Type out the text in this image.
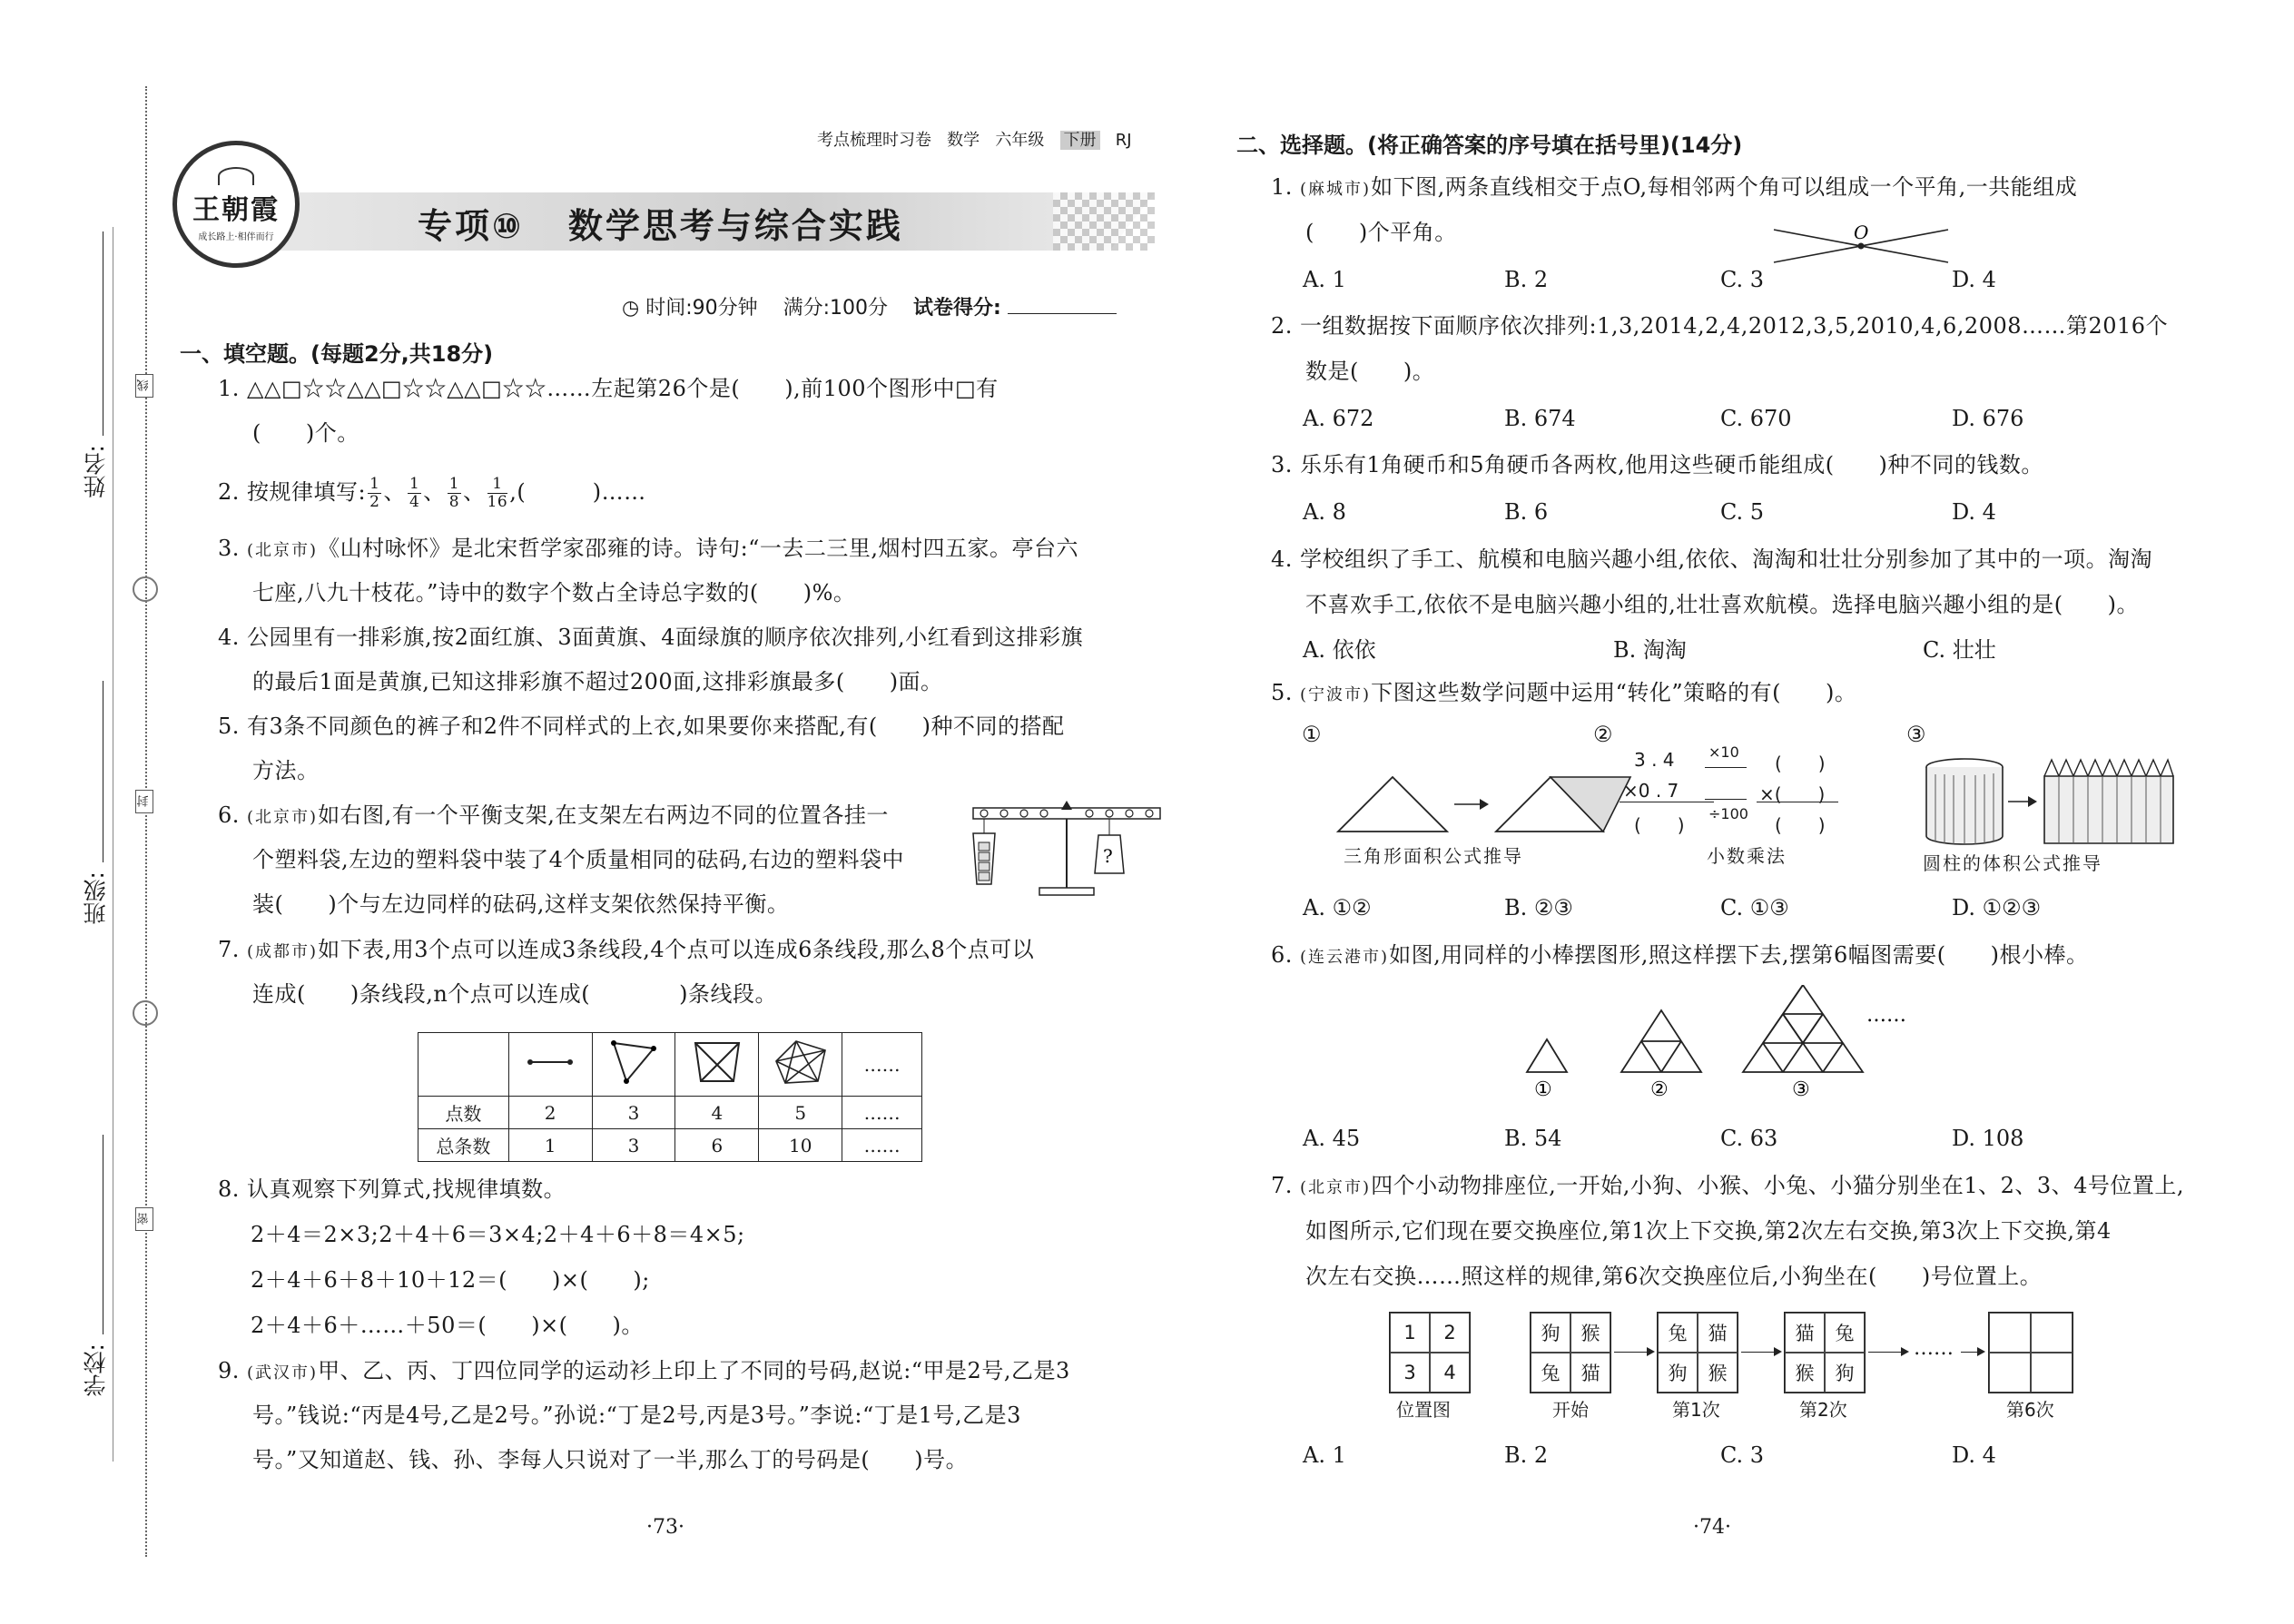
线
封
密
姓名:
班级:
学校:
考点梳理时习卷 数学 六年级 下册 RJ
王朝霞
成长路上·相伴而行	专项⑩ 数学思考与综合实践
◷ 时间:90分钟 满分:100分 试卷得分:
一、填空题。(每题2分,共18分)
1. △△□☆☆△△□☆☆△△□☆☆……左起第26个是(　　),前100个图形中□有
(　　)个。
2. 按规律填写: $\frac{1}{2}$ 、 $\frac{1}{4}$ 、 $\frac{1}{8}$ 、 $\frac{1}{16}$ ,(　　　)……
3. (北京市)《山村咏怀》是北宋哲学家邵雍的诗。诗句:“一去二三里,烟村四五家。亭台六
七座,八九十枝花。”诗中的数字个数占全诗总字数的(　　)%。
4. 公园里有一排彩旗,按2面红旗、3面黄旗、4面绿旗的顺序依次排列,小红看到这排彩旗
的最后1面是黄旗,已知这排彩旗不超过200面,这排彩旗最多(　　)面。
5. 有3条不同颜色的裤子和2件不同样式的上衣,如果要你来搭配,有(　　)种不同的搭配
方法。
6. (北京市)如右图,有一个平衡支架,在支架左右两边不同的位置各挂一
个塑料袋,左边的塑料袋中装了4个质量相同的砝码,右边的塑料袋中
装(　　)个与左边同样的砝码,这样支架依然保持平衡。
?
7. (成都市)如下表,用3个点可以连成3条线段,4个点可以连成6条线段,那么8个点可以
连成(　　)条线段,n个点可以连成(　　　　)条线段。
					……
点数	2	3	4	5	……
总条数	1	3	6	10	……
8. 认真观察下列算式,找规律填数。
2＋4＝2×3;2＋4＋6＝3×4;2＋4＋6＋8＝4×5;
2＋4＋6＋8＋10＋12＝(　　)×(　　);
2＋4＋6＋……＋50＝(　　)×(　　)。
9. (武汉市)甲、乙、丙、丁四位同学的运动衫上印上了不同的号码,赵说:“甲是2号,乙是3
号。”钱说:“丙是4号,乙是2号。”孙说:“丁是2号,丙是3号。”李说:“丁是1号,乙是3
号。”又知道赵、钱、孙、李每人只说对了一半,那么丁的号码是(　　)号。
·73·
二、选择题。(将正确答案的序号填在括号里)(14分)
1. (麻城市)如下图,两条直线相交于点O,每相邻两个角可以组成一个平角,一共能组成
(　　)个平角。	O
A. 1	B. 2	C. 3	D. 4
2. 一组数据按下面顺序依次排列:1,3,2014,2,4,2012,3,5,2010,4,6,2008……第2016个
数是(　　)。
A. 672	B. 674	C. 670	D. 676
3. 乐乐有1角硬币和5角硬币各两枚,他用这些硬币能组成(　　)种不同的钱数。
A. 8	B. 6	C. 5	D. 4
4. 学校组织了手工、航模和电脑兴趣小组,依依、淘淘和壮壮分别参加了其中的一项。淘淘
不喜欢手工,依依不是电脑兴趣小组的,壮壮喜欢航模。选择电脑兴趣小组的是(　　)。
A. 依依	B. 淘淘	C. 壮壮
5. (宁波市)下图这些数学问题中运用“转化”策略的有(　　)。
①
三角形面积公式推导
②
3 . 4 ×10
(　　)
×0 . 7	×(　　)
÷100
(　　)	(　　)
小数乘法
③
圆柱的体积公式推导
A. ①②	B. ②③	C. ①③	D. ①②③
6. (连云港市)如图,用同样的小棒摆图形,照这样摆下去,摆第6幅图需要(　　)根小棒。
①	②	③
……
A. 45	B. 54	C. 63	D. 108
7. (北京市)四个小动物排座位,一开始,小狗、小猴、小兔、小猫分别坐在1、2、3、4号位置上,
如图所示,它们现在要交换座位,第1次上下交换,第2次左右交换,第3次上下交换,第4
次左右交换……照这样的规律,第6次交换座位后,小狗坐在(　　)号位置上。
1	2
3	4
位置图
狗	猴
兔	猫
开始
兔	猫
狗	猴
第1次
猫	兔
猴	狗
第2次
……
第6次
A. 1	B. 2	C. 3	D. 4
·74·
